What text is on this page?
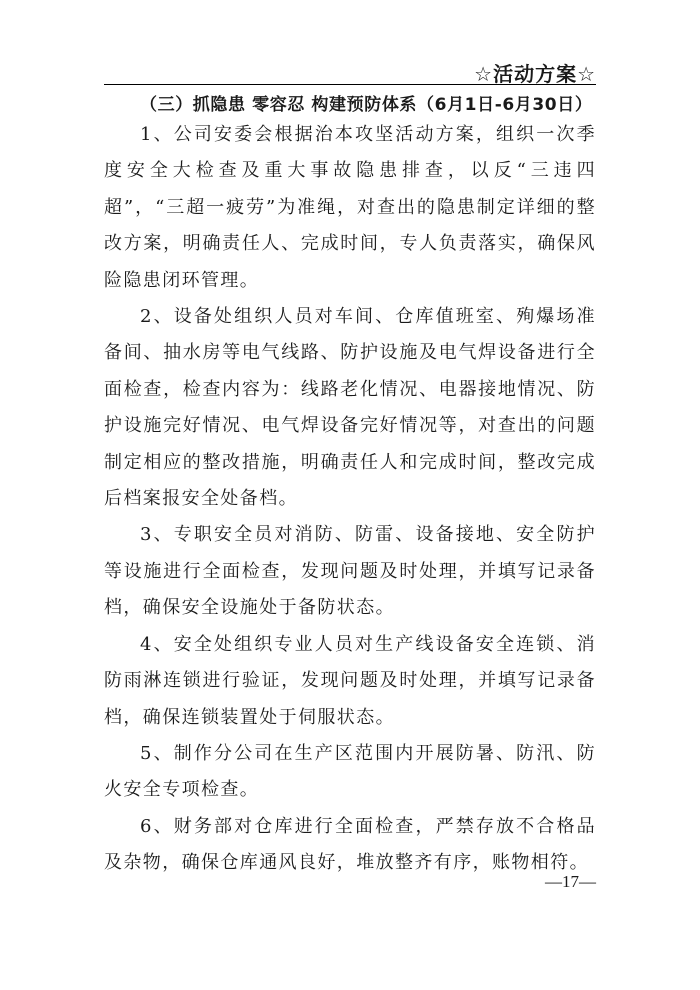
☆活动方案☆
（三）抓隐患 零容忍 构建预防体系（6月1日-6月30日）

1、公司安委会根据治本攻坚活动方案，组织一次季度安全大检查及重大事故隐患排查，以反“三违四超”，“三超一疲劳”为准绳，对查出的隐患制定详细的整改方案，明确责任人、完成时间，专人负责落实，确保风险隐患闭环管理。

2、设备处组织人员对车间、仓库值班室、殉爆场准备间、抽水房等电气线路、防护设施及电气焊设备进行全面检查，检查内容为：线路老化情况、电器接地情况、防护设施完好情况、电气焊设备完好情况等，对查出的问题制定相应的整改措施，明确责任人和完成时间，整改完成后档案报安全处备档。

3、专职安全员对消防、防雷、设备接地、安全防护等设施进行全面检查，发现问题及时处理，并填写记录备档，确保安全设施处于备防状态。

4、安全处组织专业人员对生产线设备安全连锁、消防雨淋连锁进行验证，发现问题及时处理，并填写记录备档，确保连锁装置处于伺服状态。

5、制作分公司在生产区范围内开展防暑、防汛、防火安全专项检查。

6、财务部对仓库进行全面检查，严禁存放不合格品及杂物，确保仓库通风良好，堆放整齐有序，账物相符。

—17—
